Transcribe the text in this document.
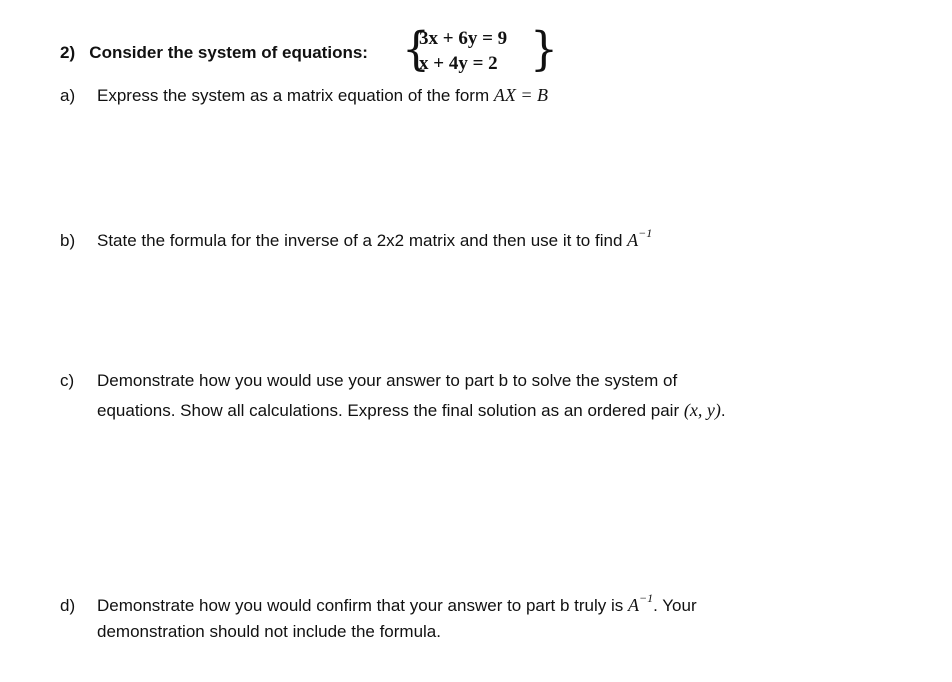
2) Consider the system of equations: {
3x + 6y = 9
x + 4y = 2 }
a) Express the system as a matrix equation of the form AX = B
b) State the formula for the inverse of a 2x2 matrix and then use it to find $A^{-1}$
c) Demonstrate how you would use your answer to part b to solve the system of
equations. Show all calculations. Express the final solution as an ordered pair (x, y).
d) Demonstrate how you would confirm that your answer to part b truly is $A^{-1}$. Your
demonstration should not include the formula.
